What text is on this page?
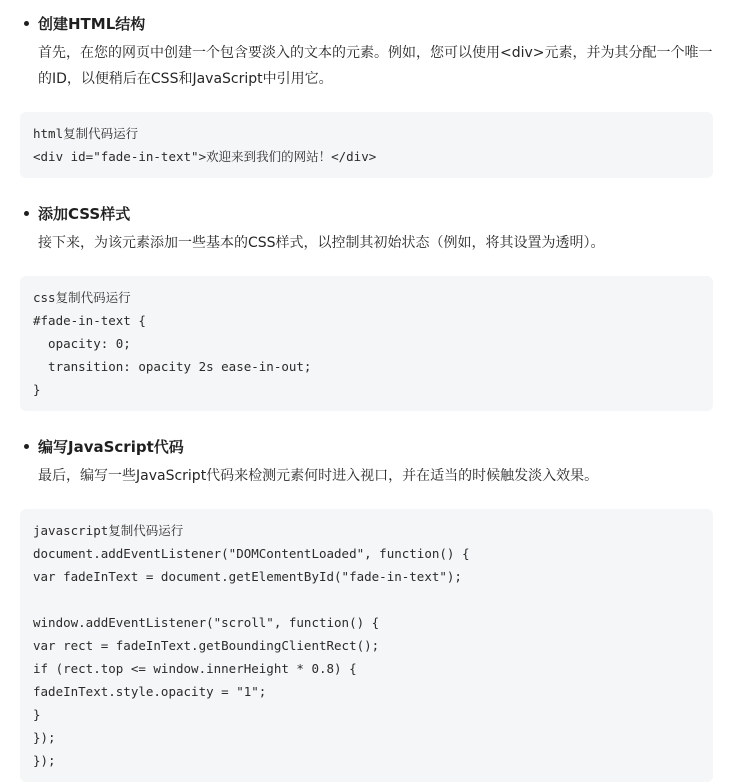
创建HTML结构

首先，在您的网页中创建一个包含要淡入的文本的元素。例如，您可以使用<div>元素，并为其分配一个唯一的ID，以便稍后在CSS和JavaScript中引用它。

html复制代码运行
<div id="fade-in-text">欢迎来到我们的网站！</div>

添加CSS样式

接下来，为该元素添加一些基本的CSS样式，以控制其初始状态（例如，将其设置为透明）。

css复制代码运行
#fade-in-text {
opacity: 0;
transition: opacity 2s ease-in-out;
}

编写JavaScript代码

最后，编写一些JavaScript代码来检测元素何时进入视口，并在适当的时候触发淡入效果。

javascript复制代码运行
document.addEventListener("DOMContentLoaded", function() {
var fadeInText = document.getElementById("fade-in-text");
window.addEventListener("scroll", function() {
var rect = fadeInText.getBoundingClientRect();
if (rect.top <= window.innerHeight * 0.8) {
fadeInText.style.opacity = "1";
}
});
});
